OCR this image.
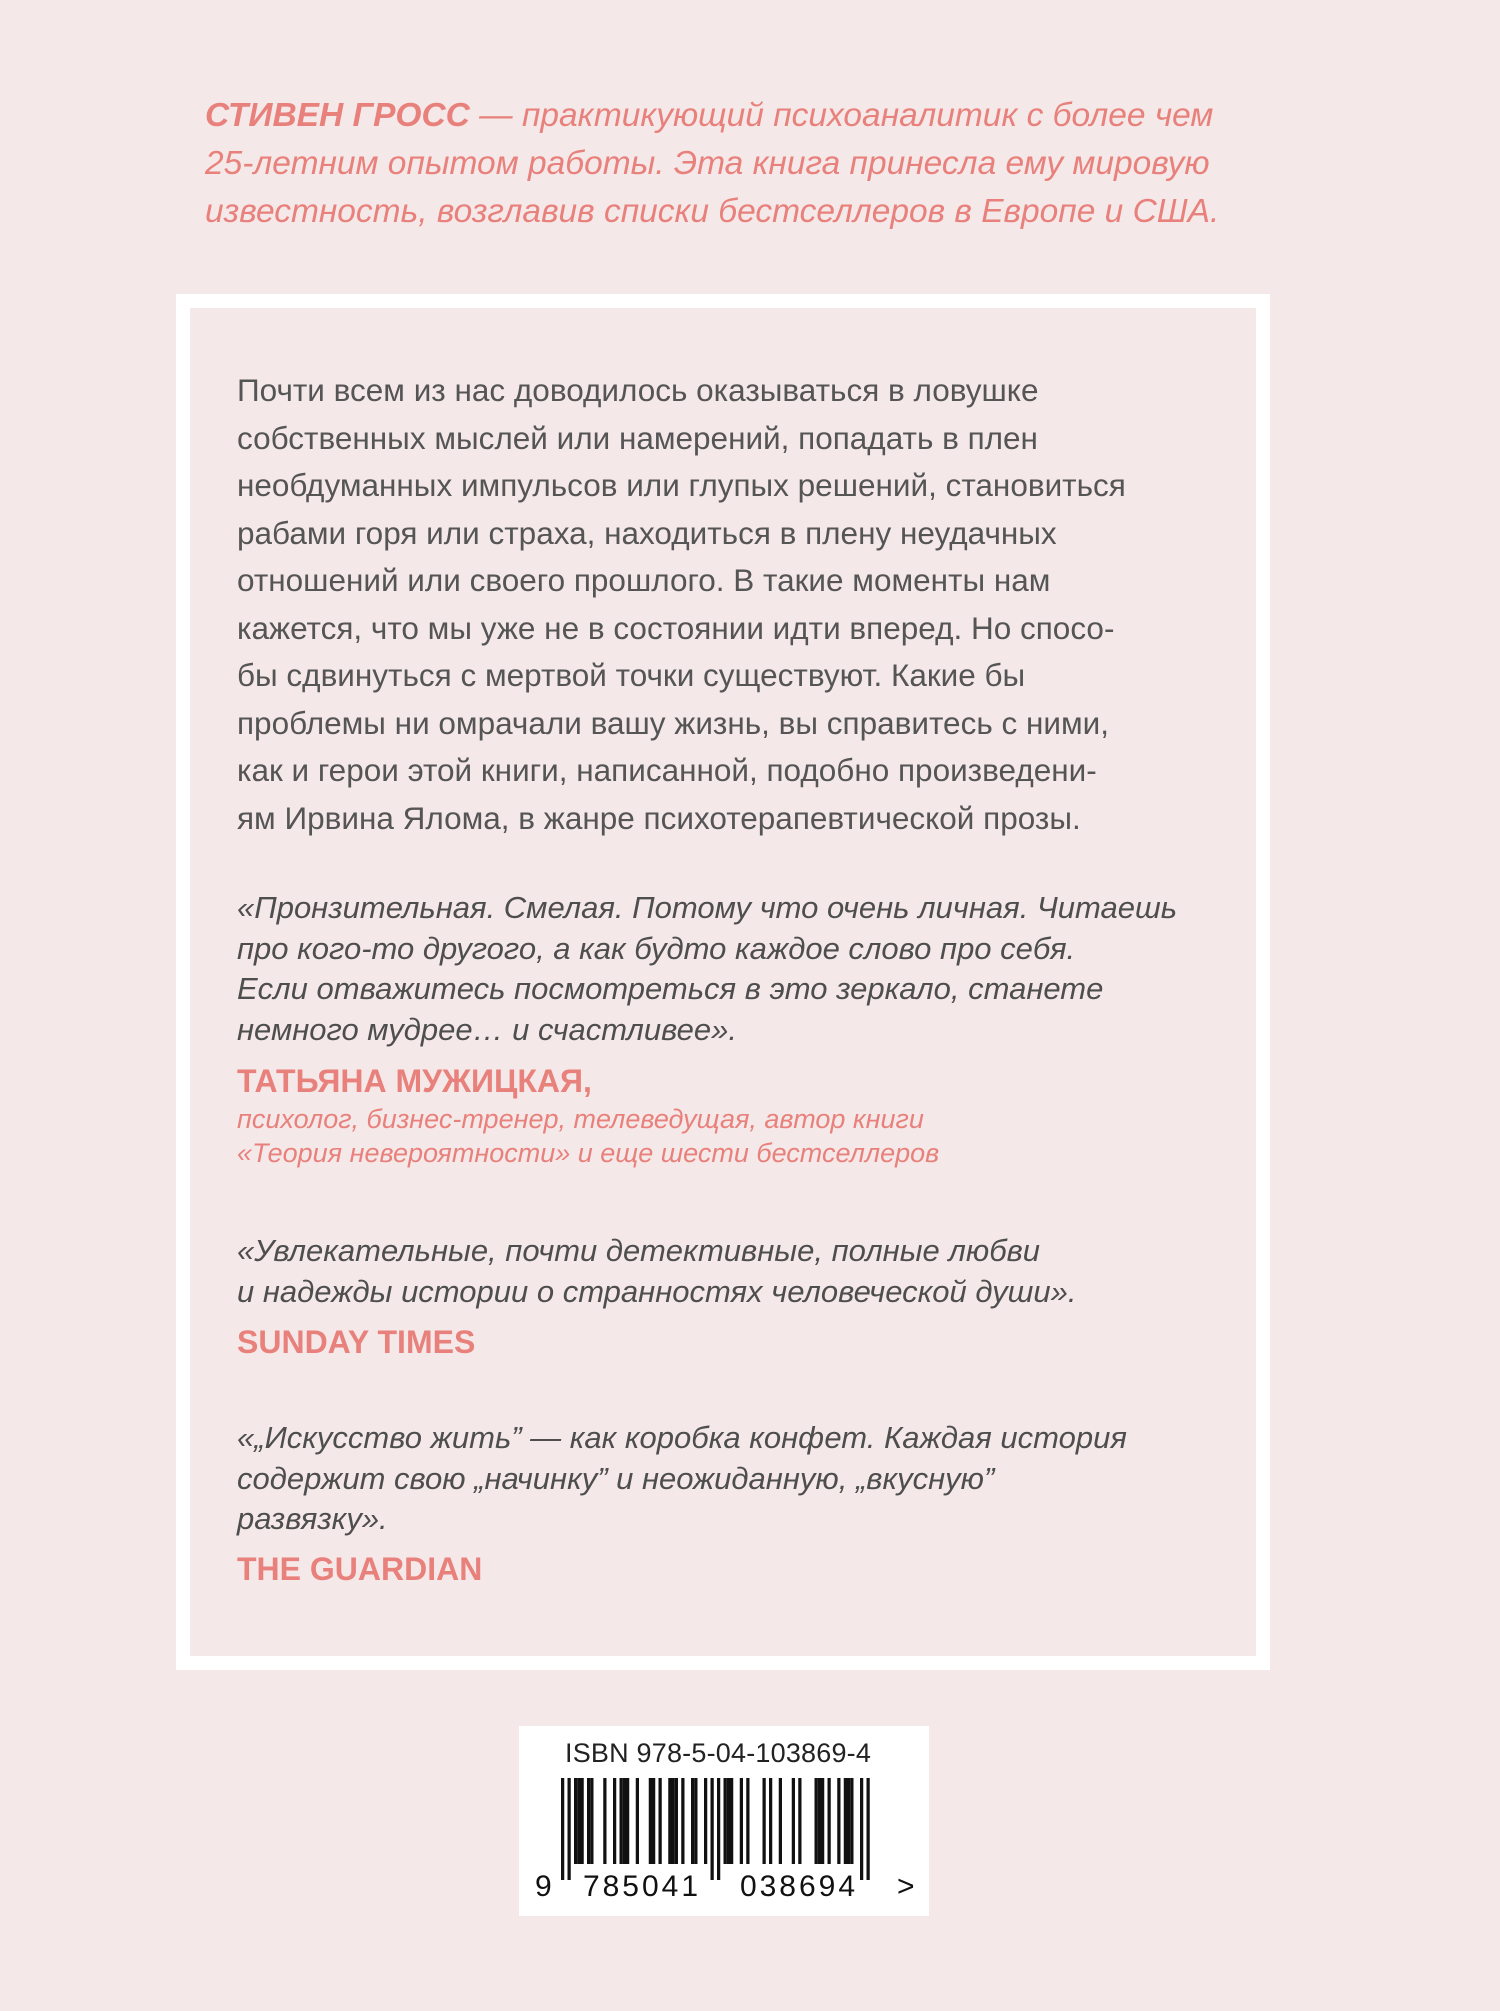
СТИВЕН ГРОСС — практикующий психоаналитик с более чем
25-летним опытом работы. Эта книга принесла ему мировую
известность, возглавив списки бестселлеров в Европе и США.

Почти всем из нас доводилось оказываться в ловушке
собственных мыслей или намерений, попадать в плен
необдуманных импульсов или глупых решений, становиться
рабами горя или страха, находиться в плену неудачных
отношений или своего прошлого. В такие моменты нам
кажется, что мы уже не в состоянии идти вперед. Но спосо-
бы сдвинуться с мертвой точки существуют. Какие бы
проблемы ни омрачали вашу жизнь, вы справитесь с ними,
как и герои этой книги, написанной, подобно произведени-
ям Ирвина Ялома, в жанре психотерапевтической прозы.

«Пронзительная. Смелая. Потому что очень личная. Читаешь
про кого-то другого, а как будто каждое слово про себя.
Если отважитесь посмотреться в это зеркало, станете
немного мудрее… и счастливее».

ТАТЬЯНА МУЖИЦКАЯ,

психолог, бизнес-тренер, телеведущая, автор книги
«Теория невероятности» и еще шести бестселлеров

«Увлекательные, почти детективные, полные любви
и надежды истории о странностях человеческой души».

SUNDAY TIMES

«„Искусство жить” — как коробка конфет. Каждая история
содержит свою „начинку” и неожиданную, „вкусную”
развязку».

THE GUARDIAN

ISBN 978-5-04-103869-4
9 785041 038694 >
